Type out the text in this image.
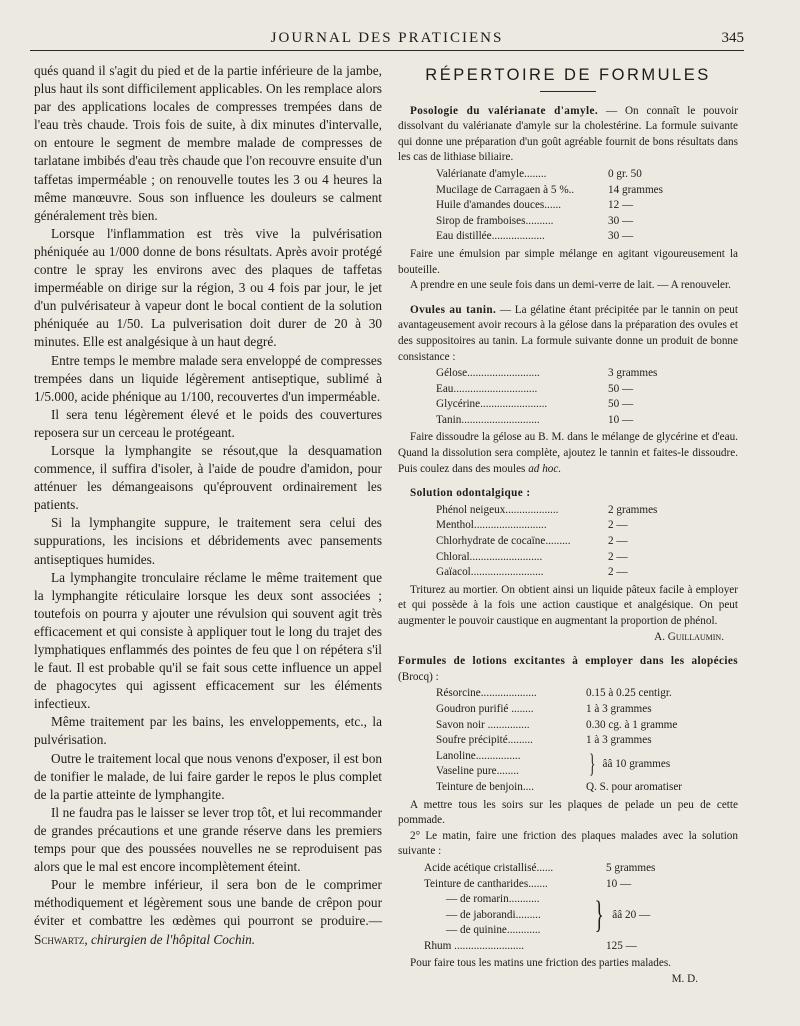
JOURNAL DES PRATICIENS	345

qués quand il s'agit du pied et de la partie inférieure de la jambe, plus haut ils sont difficilement applicables. On les remplace alors par des applications locales de compresses trempées dans de l'eau très chaude. Trois fois de suite, à dix minutes d'intervalle, on entoure le segment de membre malade de compresses de tarlatane imbibés d'eau très chaude que l'on recouvre ensuite d'un taffetas imperméable ; on renouvelle toutes les 3 ou 4 heures la même manœuvre. Sous son influence les douleurs se calment généralement très bien.

Lorsque l'inflammation est très vive la pulvérisation phéniquée au 1/000 donne de bons résultats. Après avoir protégé contre le spray les environs avec des plaques de taffetas imperméable on dirige sur la région, 3 ou 4 fois par jour, le jet d'un pulvérisateur à vapeur dont le bocal contient de la solution phéniquée au 1/50. La pulverisation doit durer de 20 à 30 minutes. Elle est analgésique à un haut degré.

Entre temps le membre malade sera enveloppé de compresses trempées dans un liquide légèrement antiseptique, sublimé à 1/5.000, acide phénique au 1/100, recouvertes d'un imperméable.

Il sera tenu légèrement élevé et le poids des couvertures reposera sur un cerceau le protégeant.

Lorsque la lymphangite se résout,que la desquamation commence, il suffira d'isoler, à l'aide de poudre d'amidon, pour atténuer les démangeaisons qu'éprouvent ordinairement les patients.

Si la lymphangite suppure, le traitement sera celui des suppurations, les incisions et débridements avec pansements antiseptiques humides.

La lymphangite tronculaire réclame le même traitement que la lymphangite réticulaire lorsque les deux sont associées ; toutefois on pourra y ajouter une révulsion qui souvent agit très efficacement et qui consiste à appliquer tout le long du trajet des lymphatiques enflammés des pointes de feu que l on répétera s'il le faut. Il est probable qu'il se fait sous cette influence un appel de phagocytes qui agissent efficacement sur les éléments infectieux.

Même traitement par les bains, les enveloppements, etc., la pulvérisation.

Outre le traitement local que nous venons d'exposer, il est bon de tonifier le malade, de lui faire garder le repos le plus complet de la partie atteinte de lymphangite.

Il ne faudra pas le laisser se lever trop tôt, et lui recommander de grandes précautions et une grande réserve dans les premiers temps pour que des poussées nouvelles ne se reproduisent pas alors que le mal est encore incomplètement éteint.

Pour le membre inférieur, il sera bon de le comprimer méthodiquement et légèrement sous une bande de crêpon pour éviter et combattre les œdèmes qui pourront se produire.— Schwartz, chirurgien de l'hôpital Cochin.

RÉPERTOIRE DE FORMULES

Posologie du valérianate d'amyle. — On connaît le pouvoir dissolvant du valérianate d'amyle sur la cholestérine. La formule suivante qui donne une préparation d'un goût agréable fournit de bons résultats dans les cas de lithiase biliaire.

Valérianate d'amyle........	0 gr. 50
Mucilage de Carragaen à 5 %..	14 grammes
Huile d'amandes douces......	12 —
Sirop de framboises..........	30 —
Eau distillée...................	30 —

Faire une émulsion par simple mélange en agitant vigoureusement la bouteille.

A prendre en une seule fois dans un demi-verre de lait. — A renouveler.

Ovules au tanin. — La gélatine étant précipitée par le tannin on peut avantageusement avoir recours à la gélose dans la préparation des ovules et des suppositoires au tanin. La formule suivante donne un produit de bonne consistance :

Gélose..........................	3 grammes
Eau..............................	50 —
Glycérine........................	50 —
Tanin............................	10 —

Faire dissoudre la gélose au B. M. dans le mélange de glycérine et d'eau. Quand la dissolution sera complète, ajoutez le tannin et faites-le dissoudre. Puis coulez dans des moules ad hoc.

Solution odontalgique :

Phénol neigeux...................	2 grammes
Menthol..........................	2 —
Chlorhydrate de cocaïne.........	2 —
Chloral..........................	2 —
Gaïacol..........................	2 —

Triturez au mortier. On obtient ainsi un liquide pâteux facile à employer et qui possède à la fois une action caustique et analgésique. On peut augmenter le pouvoir caustique en augmentant la proportion de phénol.

A. Guillaumin.

Formules de lotions excitantes à employer dans les alopécies (Brocq) :

Résorcine....................	0.15 à 0.25 centigr.
Goudron purifié ........	1 à 3 grammes
Savon noir ...............	0.30 cg. à 1 gramme
Soufre précipité.........	1 à 3 grammes
Lanoline................
Vaseline pure........	} ââ 10 grammes
Teinture de benjoin....	Q. S. pour aromatiser

A mettre tous les soirs sur les plaques de pelade un peu de cette pommade.

2° Le matin, faire une friction des plaques malades avec la solution suivante :

Acide acétique cristallisé......	5 grammes
Teinture de cantharides.......	10 —
— de romarin...........
— de jaborandi.........
— de quinine............	} ââ 20 —
Rhum .........................	125 —

Pour faire tous les matins une friction des parties malades.

M. D.
